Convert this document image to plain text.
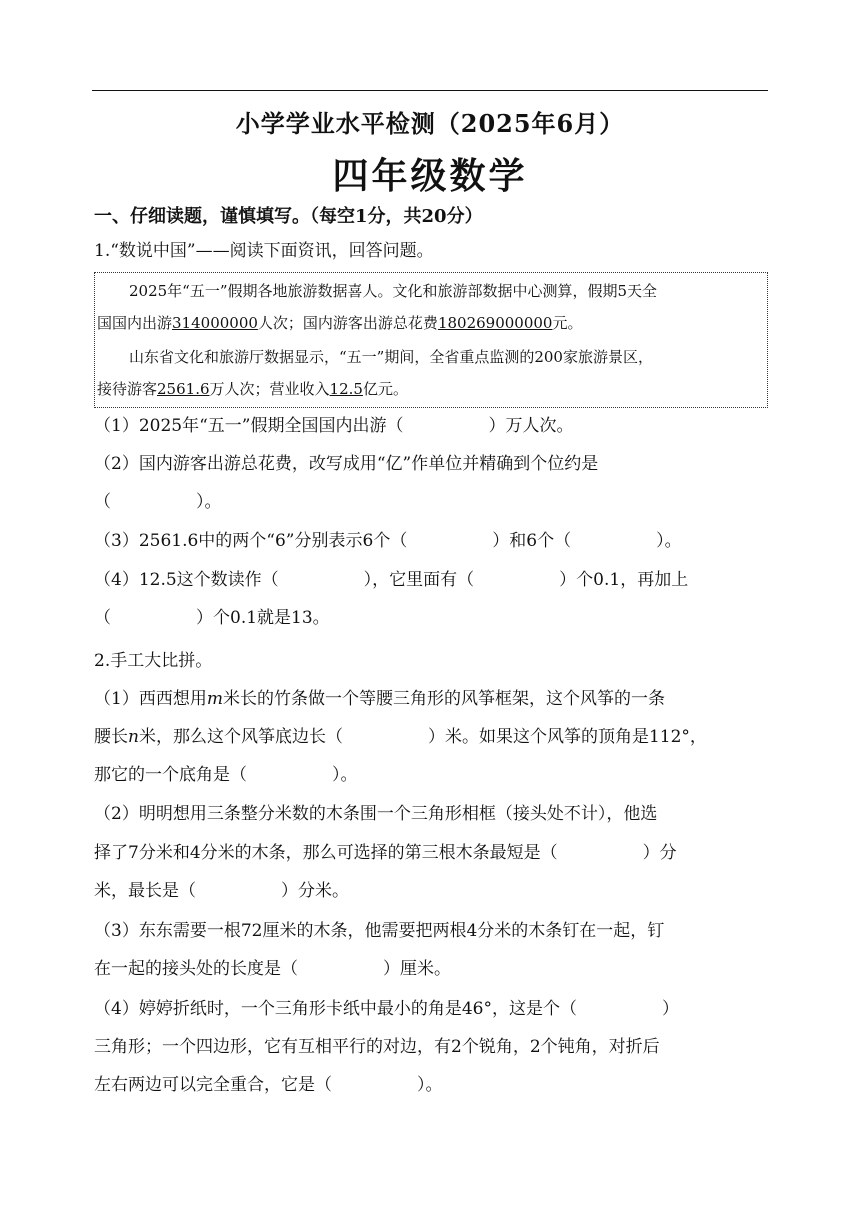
小学学业水平检测（2025年6月）
四年级数学
一、仔细读题，谨慎填写。（每空1分，共20分）
1.“数说中国”——阅读下面资讯，回答问题。
2025年“五一”假期各地旅游数据喜人。文化和旅游部数据中心测算，假期5天全
国国内出游314000000人次；国内游客出游总花费180269000000元。
山东省文化和旅游厅数据显示，“五一”期间，全省重点监测的200家旅游景区，
接待游客2561.6万人次；营业收入12.5亿元。
（1）2025年“五一”假期全国国内出游（　　　　　）万人次。
（2）国内游客出游总花费，改写成用“亿”作单位并精确到个位约是
（　　　　　）。
（3）2561.6中的两个“6”分别表示6个（　　　　　）和6个（　　　　　）。
（4）12.5这个数读作（　　　　　），它里面有（　　　　　）个0.1，再加上
（　　　　　）个0.1就是13。
2.手工大比拼。
（1）西西想用m米长的竹条做一个等腰三角形的风筝框架，这个风筝的一条
腰长n米，那么这个风筝底边长（　　　　　）米。如果这个风筝的顶角是112°，
那它的一个底角是（　　　　　）。
（2）明明想用三条整分米数的木条围一个三角形相框（接头处不计），他选
择了7分米和4分米的木条，那么可选择的第三根木条最短是（　　　　　）分
米，最长是（　　　　　）分米。
（3）东东需要一根72厘米的木条，他需要把两根4分米的木条钉在一起，钉
在一起的接头处的长度是（　　　　　）厘米。
（4）婷婷折纸时，一个三角形卡纸中最小的角是46°，这是个（　　　　　）
三角形；一个四边形，它有互相平行的对边，有2个锐角，2个钝角，对折后
左右两边可以完全重合，它是（　　　　　）。
